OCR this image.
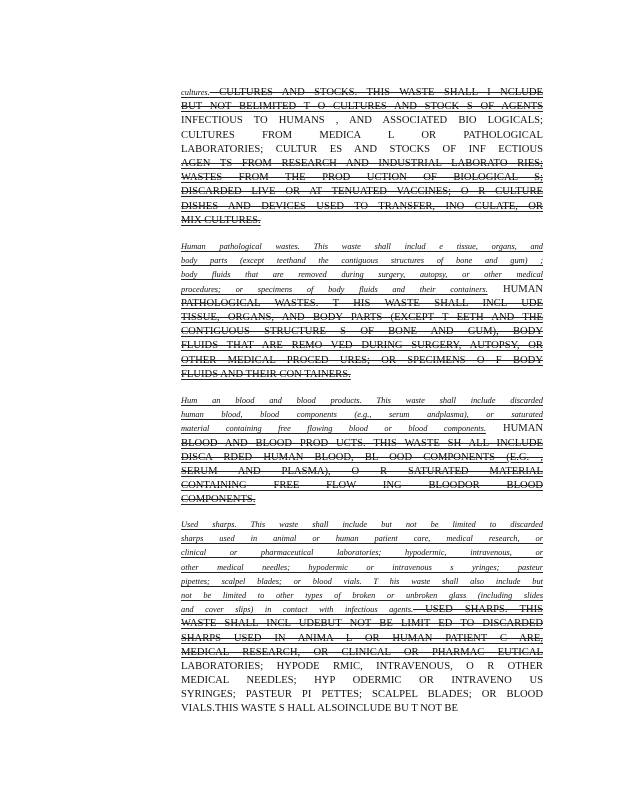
cultures. CULTURES AND STOCKS. THIS WASTE SHALL I NCLUDE
BUT NOT BELIMITED T O CULTURES AND STOCK S OF AGENTS
INFECTIOUS TO HUMANS , AND ASSOCIATED BIO LOGICALS;
CULTURES FROM MEDICA L OR PATHOLOGICAL
LABORATORIES; CULTUR ES AND STOCKS OF INF ECTIOUS
AGEN TS FROM RESEARCH AND INDUSTRIAL LABORATO RIES;
WASTES FROM THE PROD UCTION OF BIOLOGICAL S;
DISCARDED LIVE OR AT TENUATED VACCINES; O R CULTURE
DISHES AND DEVICES USED TO TRANSFER, INO CULATE, OR
MIX CULTURES.
Human pathological wastes. This waste shall includ e tissue, organs, and
body parts (except teethand the contiguous structures of bone and gum) ;
body fluids that are removed during surgery, autopsy, or other medical
procedures; or specimens of body fluids and their containers. HUMAN
PATHOLOGICAL WASTES. T HIS WASTE SHALL INCL UDE
TISSUE, ORGANS, AND BODY PARTS (EXCEPT T EETH AND THE
CONTIGUOUS STRUCTURE S OF BONE AND GUM), BODY
FLUIDS THAT ARE REMO VED DURING SURGERY, AUTOPSY, OR
OTHER MEDICAL PROCED URES; OR SPECIMENS O F BODY
FLUIDS AND THEIR CON TAINERS.
Hum an blood and blood products. This waste shall include discarded
human blood, blood components (e.g., serum andplasma), or saturated
material containing free flowing blood or blood components. HUMAN
BLOOD AND BLOOD PROD UCTS. THIS WASTE SH ALL INCLUDE
DISCA RDED HUMAN BLOOD, BL OOD COMPONENTS (E.G. ,
SERUM AND PLASMA), O R SATURATED MATERIAL
CONTAINING FREE FLOW ING BLOODOR BLOOD
COMPONENTS.
Used sharps. This waste shall include but not be limited to discarded
sharps used in animal or human patient care, medical research, or
clinical or pharmaceutical laboratories; hypodermic, intravenous, or
other medical needles; hypodermic or intravenous s yringes; pasteur
pipettes; scalpel blades; or blood vials. T his waste shall also include but
not be limited to other types of broken or unbroken glass (including slides
and cover slips) in contact with infectious agents. USED SHARPS. THIS
WASTE SHALL INCL UDEBUT NOT BE LIMIT ED TO DISCARDED
SHARPS USED IN ANIMA L OR HUMAN PATIENT C ARE,
MEDICAL RESEARCH, OR CLINICAL OR PHARMAC EUTICAL
LABORATORIES; HYPODE RMIC, INTRAVENOUS, O R OTHER
MEDICAL NEEDLES; HYP ODERMIC OR INTRAVENO US
SYRINGES; PASTEUR PI PETTES; SCALPEL BLADES; OR BLOOD
VIALS.THIS WASTE S HALL ALSOINCLUDE BU T NOT BE
